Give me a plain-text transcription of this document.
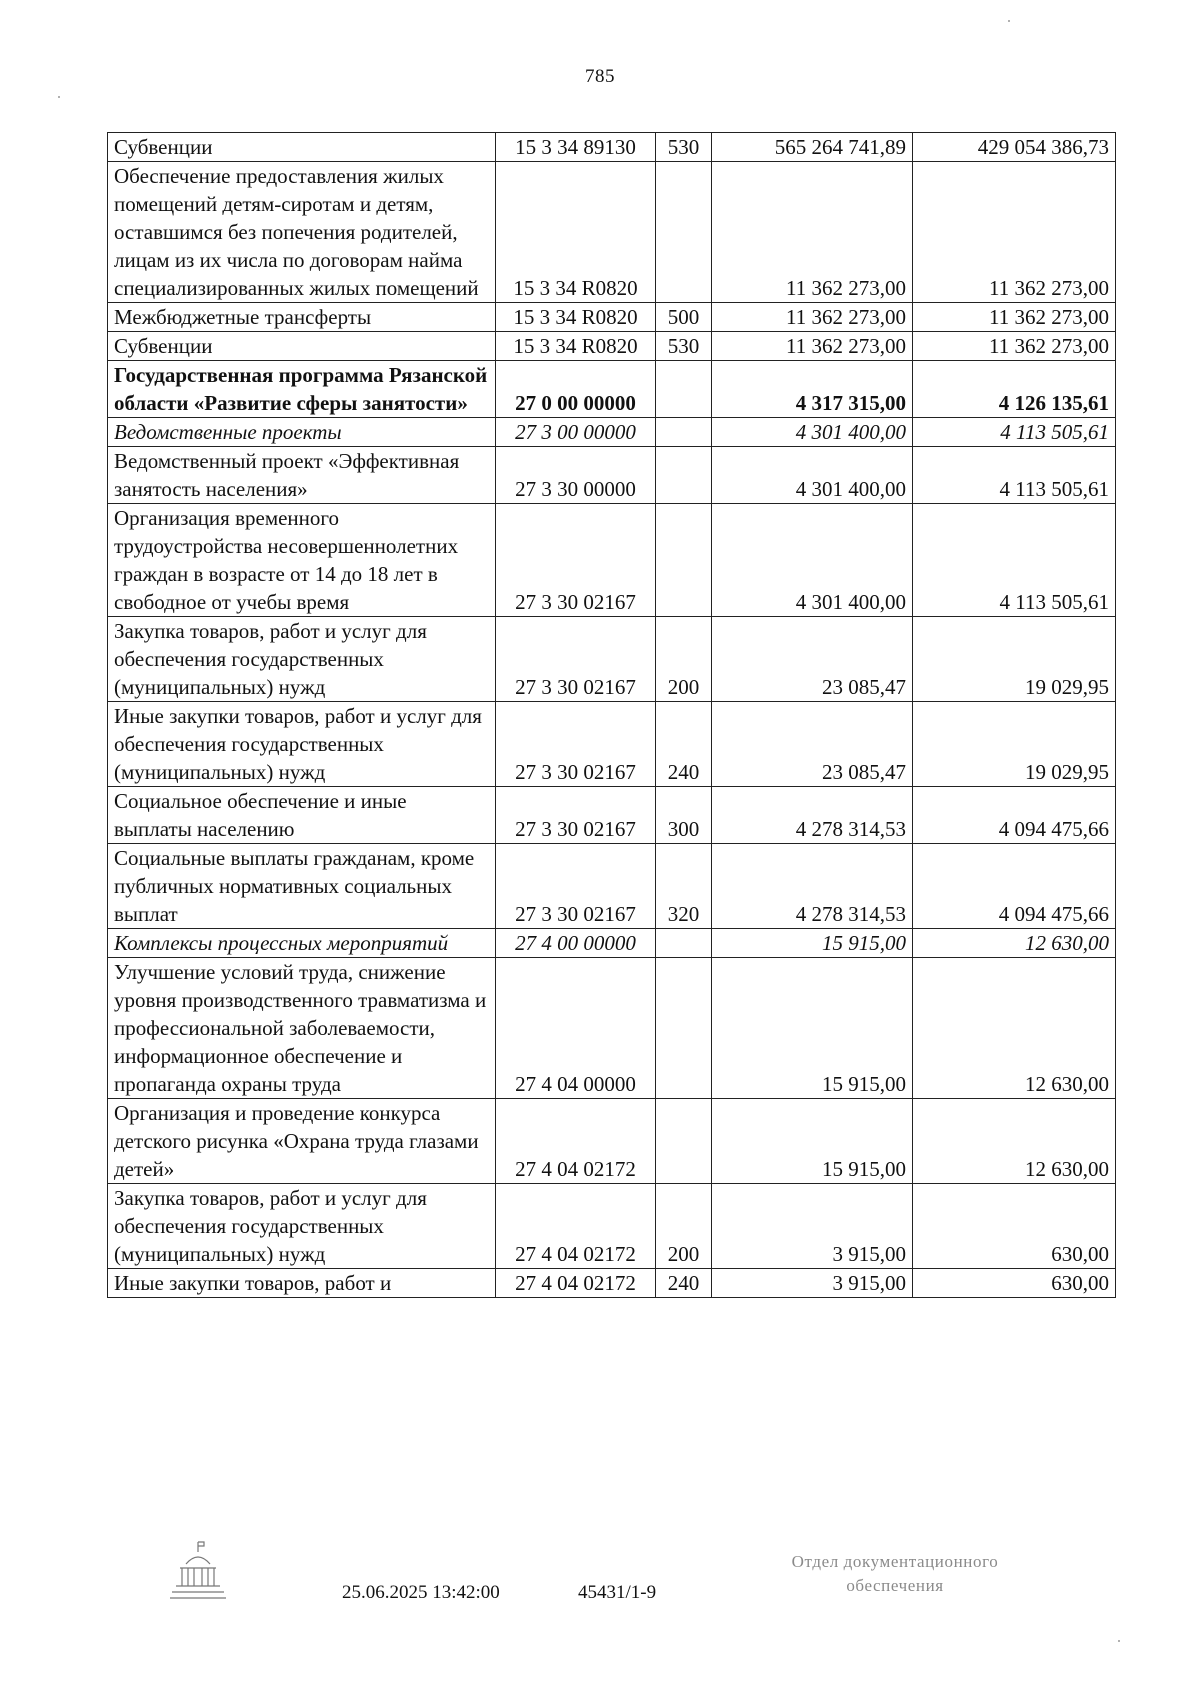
785
Субвенции	15 3 34 89130	530	565 264 741,89	429 054 386,73
Обеспечение предоставления жилых помещений детям-сиротам и детям, оставшимся без попечения родителей, лицам из их числа по договорам найма специализированных жилых помещений	15 3 34 R0820		11 362 273,00	11 362 273,00
Межбюджетные трансферты	15 3 34 R0820	500	11 362 273,00	11 362 273,00
Субвенции	15 3 34 R0820	530	11 362 273,00	11 362 273,00
Государственная программа Рязанской области «Развитие сферы занятости»	27 0 00 00000		4 317 315,00	4 126 135,61
Ведомственные проекты	27 3 00 00000		4 301 400,00	4 113 505,61
Ведомственный проект «Эффективная занятость населения»	27 3 30 00000		4 301 400,00	4 113 505,61
Организация временного трудоустройства несовершеннолетних граждан в возрасте от 14 до 18 лет в свободное от учебы время	27 3 30 02167		4 301 400,00	4 113 505,61
Закупка товаров, работ и услуг для обеспечения государственных (муниципальных) нужд	27 3 30 02167	200	23 085,47	19 029,95
Иные закупки товаров, работ и услуг для обеспечения государственных (муниципальных) нужд	27 3 30 02167	240	23 085,47	19 029,95
Социальное обеспечение и иные выплаты населению	27 3 30 02167	300	4 278 314,53	4 094 475,66
Социальные выплаты гражданам, кроме публичных нормативных социальных выплат	27 3 30 02167	320	4 278 314,53	4 094 475,66
Комплексы процессных мероприятий	27 4 00 00000		15 915,00	12 630,00
Улучшение условий труда, снижение уровня производственного травматизма и профессиональной заболеваемости, информационное обеспечение и пропаганда охраны труда	27 4 04 00000		15 915,00	12 630,00
Организация и проведение конкурса детского рисунка «Охрана труда глазами детей»	27 4 04 02172		15 915,00	12 630,00
Закупка товаров, работ и услуг для обеспечения государственных (муниципальных) нужд	27 4 04 02172	200	3 915,00	630,00
Иные закупки товаров, работ и	27 4 04 02172	240	3 915,00	630,00
25.06.2025 13:42:00	45431/1-9
Отдел документационного
обеспечения
